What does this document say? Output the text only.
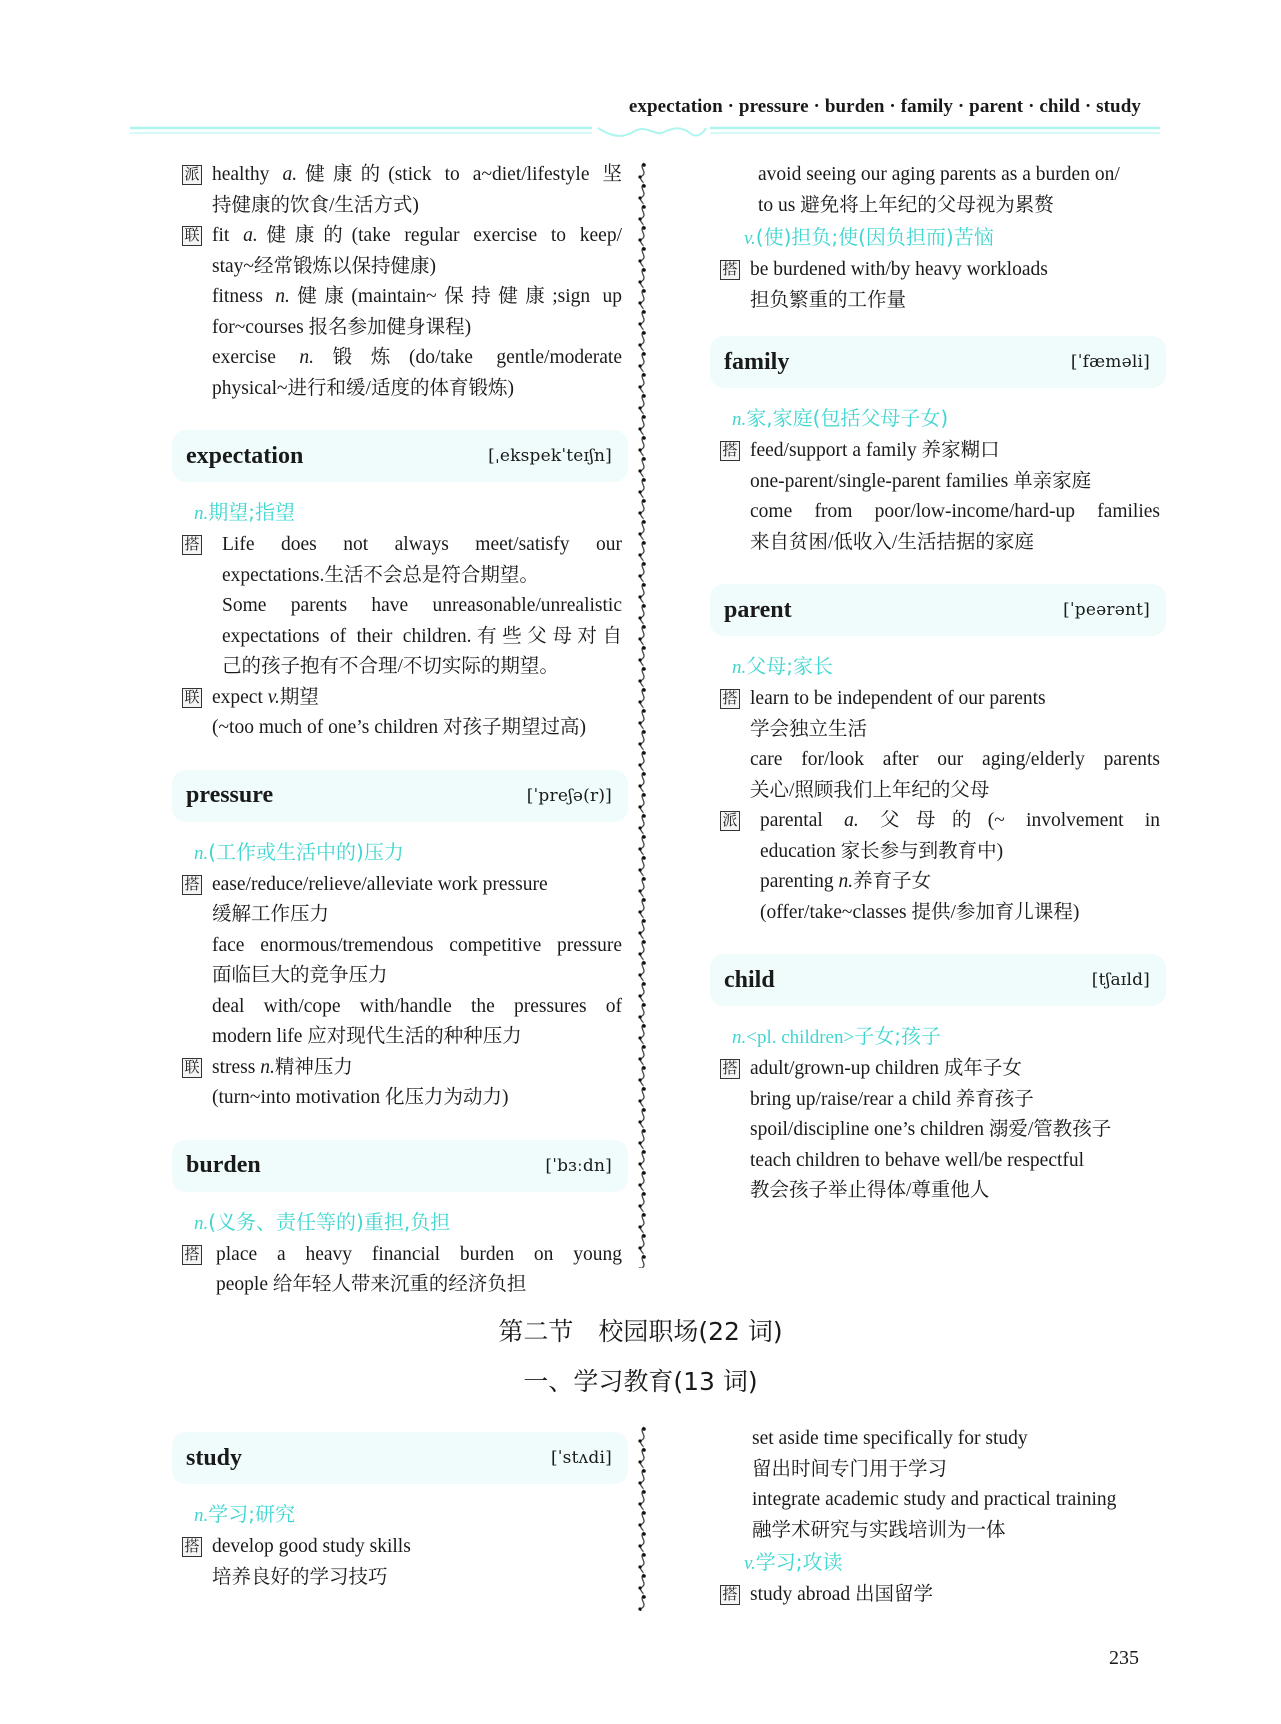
expectation · pressure · burden · family · parent · child · study
派 healthy a.健康的(stick to a~diet/lifestyle 坚
持健康的饮食/生活方式)
联 fit a.健康的(take regular exercise to keep/
stay~经常锻炼以保持健康)
fitness n.健康(maintain~保持健康;sign up
for~courses 报名参加健身课程)
exercise n.锻炼(do/take gentle/moderate
physical~进行和缓/适度的体育锻炼)
expectation	[ˌekspekˈteɪʃn]
n.期望;指望
搭 Life does not always meet/satisfy our
expectations.生活不会总是符合期望。
Some parents have unreasonable/unrealistic
expectations of their children.有些父母对自
己的孩子抱有不合理/不切实际的期望。
联 expect v.期望
(~too much of one’s children 对孩子期望过高)
pressure	[ˈpreʃə(r)]
n.(工作或生活中的)压力
搭 ease/reduce/relieve/alleviate work pressure
缓解工作压力
face enormous/tremendous competitive pressure
面临巨大的竞争压力
deal with/cope with/handle the pressures of
modern life 应对现代生活的种种压力
联 stress n.精神压力
(turn~into motivation 化压力为动力)
burden	[ˈbɜːdn]
n.(义务、责任等的)重担,负担
搭 place a heavy financial burden on young
people 给年轻人带来沉重的经济负担
avoid seeing our aging parents as a burden on/
to us 避免将上年纪的父母视为累赘
v.(使)担负;使(因负担而)苦恼
搭 be burdened with/by heavy workloads
担负繁重的工作量
family	[ˈfæməli]
n.家,家庭(包括父母子女)
搭 feed/support a family 养家糊口
one-parent/single-parent families 单亲家庭
come from poor/low-income/hard-up families
来自贫困/低收入/生活拮据的家庭
parent	[ˈpeərənt]
n.父母;家长
搭 learn to be independent of our parents
学会独立生活
care for/look after our aging/elderly parents
关心/照顾我们上年纪的父母
派 parental a. 父母的(~ involvement in
education 家长参与到教育中)
parenting n.养育子女
(offer/take~classes 提供/参加育儿课程)
child	[tʃaɪld]
n.<pl. children>子女;孩子
搭 adult/grown-up children 成年子女
bring up/raise/rear a child 养育孩子
spoil/discipline one’s children 溺爱/管教孩子
teach children to behave well/be respectful
教会孩子举止得体/尊重他人
第二节　校园职场(22 词)
一、学习教育(13 词)
study	[ˈstʌdi]
n.学习;研究
搭 develop good study skills
培养良好的学习技巧
set aside time specifically for study
留出时间专门用于学习
integrate academic study and practical training
融学术研究与实践培训为一体
v.学习;攻读
搭 study abroad 出国留学
235
